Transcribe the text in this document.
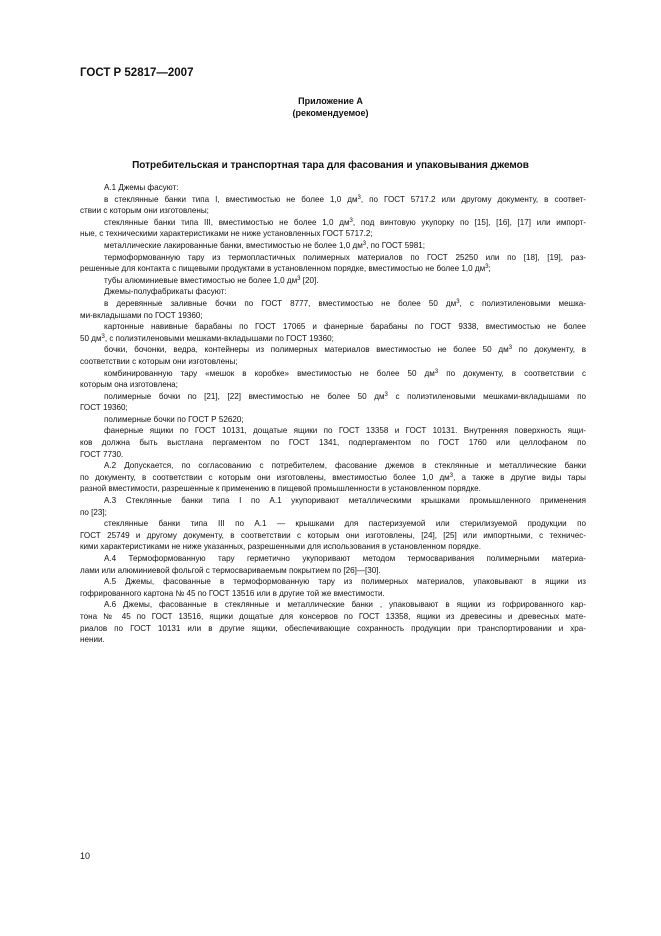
ГОСТ Р 52817—2007
Приложение А
(рекомендуемое)
Потребительская и транспортная тара для фасования и упаковывания джемов
А.1 Джемы фасуют:
в стеклянные банки типа I, вместимостью не более 1,0 $дм^3$, по ГОСТ 5717.2 или другому документу, в соответ-
ствии с которым они изготовлены;
стеклянные банки типа III, вместимостью не более 1,0 $дм^3$, под винтовую укупорку по [15], [16], [17] или импорт-
ные, с техническими характеристиками не ниже установленных ГОСТ 5717.2;
металлические лакированные банки, вместимостью не более 1,0 $дм^3$, по ГОСТ 5981;
термоформованную тару из термопластичных полимерных материалов по ГОСТ 25250 или по [18], [19], раз-
решенные для контакта с пищевыми продуктами в установленном порядке, вместимостью не более 1,0 $дм^3$;
тубы алюминиевые вместимостью не более 1,0 $дм^3$ [20].
Джемы-полуфабрикаты фасуют:
в деревянные заливные бочки по ГОСТ 8777, вместимостью не более 50 $дм^3$, с полиэтиленовыми мешка-
ми-вкладышами по ГОСТ 19360;
картонные навивные барабаны по ГОСТ 17065 и фанерные барабаны по ГОСТ 9338, вместимостью не более
50 $дм^3$, с полиэтиленовыми мешками-вкладышами по ГОСТ 19360;
бочки, бочонки, ведра, контейнеры из полимерных материалов вместимостью не более 50 $дм^3$ по документу, в
соответствии с которым они изготовлены;
комбинированную тару «мешок в коробке» вместимостью не более 50 $дм^3$ по документу, в соответствии с
которым она изготовлена;
полимерные бочки по [21], [22] вместимостью не более 50 $дм^3$ с полиэтиленовыми мешками-вкладышами по
ГОСТ 19360;
полимерные бочки по ГОСТ Р 52620;
фанерные ящики по ГОСТ 10131, дощатые ящики по ГОСТ 13358 и ГОСТ 10131. Внутренняя поверхность ящи-
ков должна быть выстлана пергаментом по ГОСТ 1341, подпергаментом по ГОСТ 1760 или целлофаном по
ГОСТ 7730.
А.2 Допускается, по согласованию с потребителем, фасование джемов в стеклянные и металлические банки
по документу, в соответствии с которым они изготовлены, вместимостью более 1,0 $дм^3$, а также в другие виды тары
разной вместимости, разрешенные к применению в пищевой промышленности в установленном порядке.
А.3 Стеклянные банки типа I по А.1 укупоривают металлическими крышками промышленного применения
по [23];
стеклянные банки типа III по А.1 — крышками для пастеризуемой или стерилизуемой продукции по
ГОСТ 25749 и другому документу, в соответствии с которым они изготовлены, [24], [25] или импортными, с техничес-
кими характеристиками не ниже указанных, разрешенными для использования в установленном порядке.
А.4 Термоформованную тару герметично укупоривают методом термосваривания полимерными материа-
лами или алюминиевой фольгой с термосвариваемым покрытием по [26]—[30].
А.5 Джемы, фасованные в термоформованную тару из полимерных материалов, упаковывают в ящики из
гофрированного картона № 45 по ГОСТ 13516 или в другие той же вместимости.
А.6 Джемы, фасованные в стеклянные и металлические банки , упаковывают в ящики из гофрированного кар-
тона № 45 по ГОСТ 13516, ящики дощатые для консервов по ГОСТ 13358, ящики из древесины и древесных мате-
риалов по ГОСТ 10131 или в другие ящики, обеспечивающие сохранность продукции при транспортировании и хра-
нении.
10
